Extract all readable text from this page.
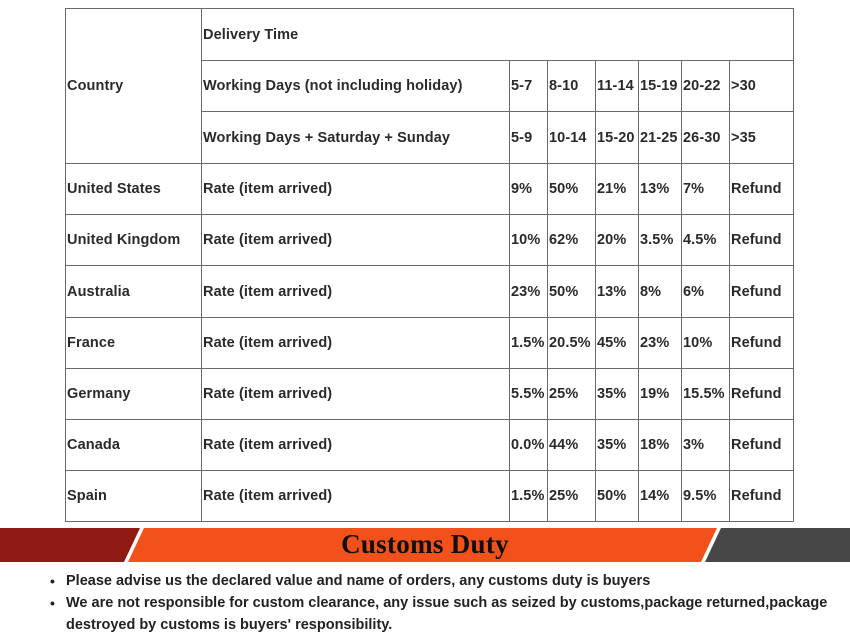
Country	Delivery Time						
	Working Days (not including holiday)	5-7	8-10	11-14	15-19	20-22	>30
	Working Days + Saturday + Sunday	5-9	10-14	15-20	21-25	26-30	>35
United States	Rate (item arrived)	9%	50%	21%	13%	7%	Refund
United Kingdom	Rate (item arrived)	10%	62%	20%	3.5%	4.5%	Refund
Australia	Rate (item arrived)	23%	50%	13%	8%	6%	Refund
France	Rate (item arrived)	1.5%	20.5%	45%	23%	10%	Refund
Germany	Rate (item arrived)	5.5%	25%	35%	19%	15.5%	Refund
Canada	Rate (item arrived)	0.0%	44%	35%	18%	3%	Refund
Spain	Rate (item arrived)	1.5%	25%	50%	14%	9.5%	Refund
Customs Duty
• Please advise us the declared value and name of orders, any customs duty is buyers
• We are not responsible for custom clearance, any issue such as seized by customs,package returned,package destroyed by customs is buyers' responsibility.
